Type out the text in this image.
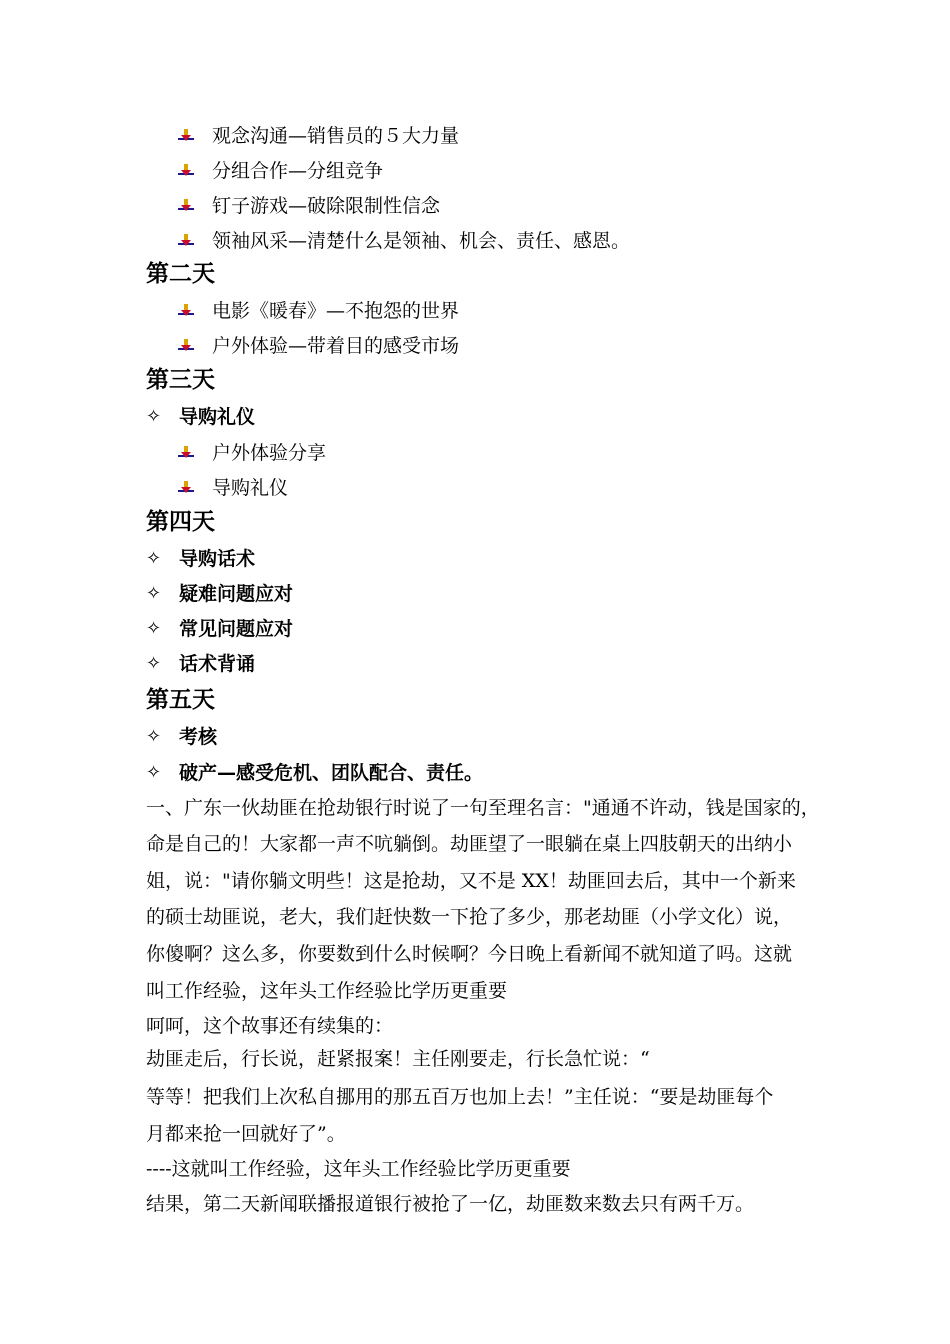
观念沟通—销售员的５大力量
分组合作—分组竞争
钉子游戏—破除限制性信念
领袖风采—清楚什么是领袖、机会、责任、感恩。
第二天
电影《暖春》—不抱怨的世界
户外体验—带着目的感受市场
第三天
✧ 导购礼仪
户外体验分享
导购礼仪
第四天
✧ 导购话术
✧ 疑难问题应对
✧ 常见问题应对
✧ 话术背诵
第五天
✧ 考核
✧ 破产—感受危机、团队配合、责任。
一、广东一伙劫匪在抢劫银行时说了一句至理名言："通通不许动，钱是国家的，
命是自己的！大家都一声不吭躺倒。劫匪望了一眼躺在桌上四肢朝天的出纳小
姐，说："请你躺文明些！这是抢劫，又不是 XX！劫匪回去后，其中一个新来
的硕士劫匪说，老大，我们赶快数一下抢了多少，那老劫匪（小学文化）说，
你傻啊？这么多，你要数到什么时候啊？今日晚上看新闻不就知道了吗。这就
叫工作经验，这年头工作经验比学历更重要
呵呵，这个故事还有续集的：
劫匪走后，行长说，赶紧报案！主任刚要走，行长急忙说：“
等等！把我们上次私自挪用的那五百万也加上去！”主任说：“要是劫匪每个
月都来抢一回就好了”。
----这就叫工作经验，这年头工作经验比学历更重要
结果，第二天新闻联播报道银行被抢了一亿，劫匪数来数去只有两千万。
